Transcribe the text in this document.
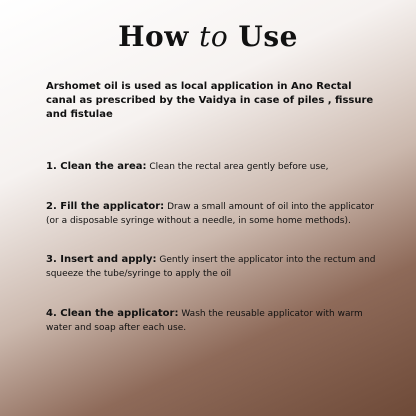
How to Use
Arshomet oil is used as local application in Ano Rectal canal as prescribed by the Vaidya in case of piles , fissure and fistulae
1. Clean the area: Clean the rectal area gently before use,
2. Fill the applicator: Draw a small amount of oil into the applicator (or a disposable syringe without a needle, in some home methods).
3. Insert and apply: Gently insert the applicator into the rectum and squeeze the tube/syringe to apply the oil
4. Clean the applicator: Wash the reusable applicator with warm water and soap after each use.
